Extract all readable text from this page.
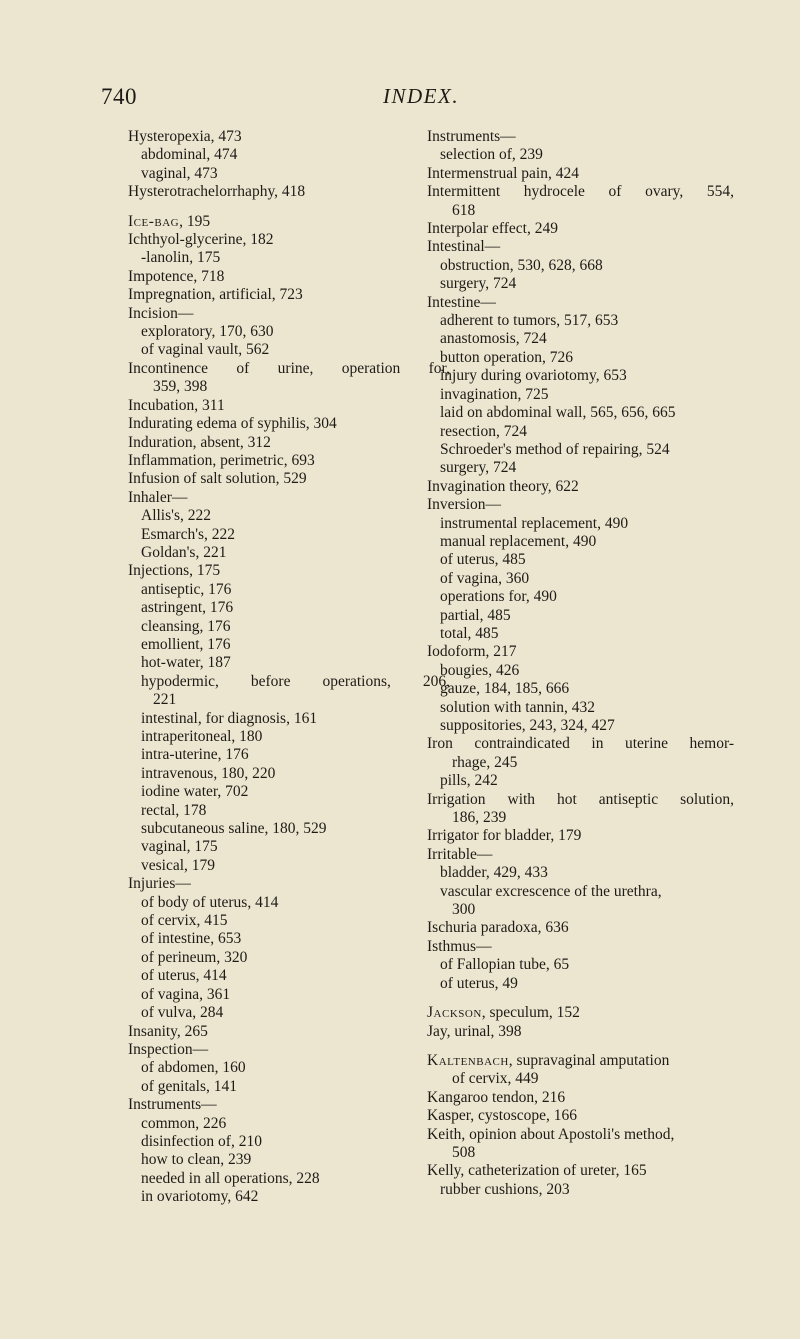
740	INDEX.
Hysteropexia, 473
abdominal, 474
vaginal, 473
Hysterotrachelorrhaphy, 418
Ice-bag, 195
Ichthyol-glycerine, 182
-lanolin, 175
Impotence, 718
Impregnation, artificial, 723
Incision—
exploratory, 170, 630
of vaginal vault, 562
Incontinence of urine, operation for,
359, 398
Incubation, 311
Indurating edema of syphilis, 304
Induration, absent, 312
Inflammation, perimetric, 693
Infusion of salt solution, 529
Inhaler—
Allis's, 222
Esmarch's, 222
Goldan's, 221
Injections, 175
antiseptic, 176
astringent, 176
cleansing, 176
emollient, 176
hot-water, 187
hypodermic, before operations, 206,
221
intestinal, for diagnosis, 161
intraperitoneal, 180
intra-uterine, 176
intravenous, 180, 220
iodine water, 702
rectal, 178
subcutaneous saline, 180, 529
vaginal, 175
vesical, 179
Injuries—
of body of uterus, 414
of cervix, 415
of intestine, 653
of perineum, 320
of uterus, 414
of vagina, 361
of vulva, 284
Insanity, 265
Inspection—
of abdomen, 160
of genitals, 141
Instruments—
common, 226
disinfection of, 210
how to clean, 239
needed in all operations, 228
in ovariotomy, 642
Instruments—
selection of, 239
Intermenstrual pain, 424
Intermittent hydrocele of ovary, 554,
618
Interpolar effect, 249
Intestinal—
obstruction, 530, 628, 668
surgery, 724
Intestine—
adherent to tumors, 517, 653
anastomosis, 724
button operation, 726
injury during ovariotomy, 653
invagination, 725
laid on abdominal wall, 565, 656, 665
resection, 724
Schroeder's method of repairing, 524
surgery, 724
Invagination theory, 622
Inversion—
instrumental replacement, 490
manual replacement, 490
of uterus, 485
of vagina, 360
operations for, 490
partial, 485
total, 485
Iodoform, 217
bougies, 426
gauze, 184, 185, 666
solution with tannin, 432
suppositories, 243, 324, 427
Iron contraindicated in uterine hemor-
rhage, 245
pills, 242
Irrigation with hot antiseptic solution,
186, 239
Irrigator for bladder, 179
Irritable—
bladder, 429, 433
vascular excrescence of the urethra,
300
Ischuria paradoxa, 636
Isthmus—
of Fallopian tube, 65
of uterus, 49
Jackson, speculum, 152
Jay, urinal, 398
Kaltenbach, supravaginal amputation
of cervix, 449
Kangaroo tendon, 216
Kasper, cystoscope, 166
Keith, opinion about Apostoli's method,
508
Kelly, catheterization of ureter, 165
rubber cushions, 203
